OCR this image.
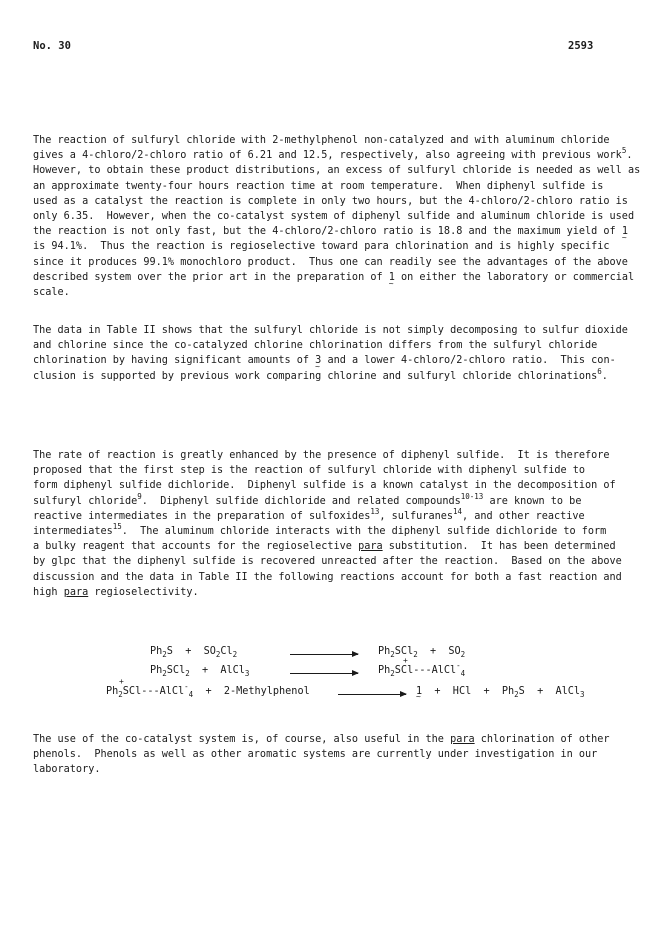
No. 30	2593
The reaction of sulfuryl chloride with 2-methylphenol non-catalyzed and with aluminum chloride
gives a 4-chloro/2-chloro ratio of 6.21 and 12.5, respectively, also agreeing with previous work$^5$.
However, to obtain these product distributions, an excess of sulfuryl chloride is needed as well as
an approximate twenty-four hours reaction time at room temperature.  When diphenyl sulfide is
used as a catalyst the reaction is complete in only two hours, but the 4-chloro/2-chloro ratio is
only 6.35.  However, when the co-catalyst system of diphenyl sulfide and aluminum chloride is used
the reaction is not only fast, but the 4-chloro/2-chloro ratio is 18.8 and the maximum yield of 1 ~
is 94.1%.  Thus the reaction is regioselective toward para chlorination and is highly specific
since it produces 99.1% monochloro product.  Thus one can readily see the advantages of the above
described system over the prior art in the preparation of 1 ~ on either the laboratory or commercial
scale.
The data in Table II shows that the sulfuryl chloride is not simply decomposing to sulfur dioxide
and chlorine since the co-catalyzed chlorine chlorination differs from the sulfuryl chloride
chlorination by having significant amounts of 3 ~ and a lower 4-chloro/2-chloro ratio.  This con-
clusion is supported by previous work comparing chlorine and sulfuryl chloride chlorinations$^6$.
The rate of reaction is greatly enhanced by the presence of diphenyl sulfide.  It is therefore
proposed that the first step is the reaction of sulfuryl chloride with diphenyl sulfide to
form diphenyl sulfide dichloride.  Diphenyl sulfide is a known catalyst in the decomposition of
sulfuryl chloride$^9$.  Diphenyl sulfide dichloride and related compounds$^{10-13}$ are known to be
reactive intermediates in the preparation of sulfoxides$^{13}$, sulfuranes$^{14}$, and other reactive
intermediates$^{15}$.  The aluminum chloride interacts with the diphenyl sulfide dichloride to form
a bulky reagent that accounts for the regioselective para substitution.  It has been determined
by glpc that the diphenyl sulfide is recovered unreacted after the reaction.  Based on the above
discussion and the data in Table II the following reactions account for both a fast reaction and
high para regioselectivity.
$Ph_2S + SO_2Cl_2$	$Ph_2SCl_2 + SO_2$
$Ph_2SCl_2$  +  AlCl$_3$
+
$Ph_2SCl---AlCl^-_4$
+
$Ph_2SCl---AlCl^-_4$  +  2-Methylphenol	1 ~  +  HCl  +  $Ph_2S$  +  AlCl$_3$
The use of the co-catalyst system is, of course, also useful in the para chlorination of other
phenols.  Phenols as well as other aromatic systems are currently under investigation in our
laboratory.
